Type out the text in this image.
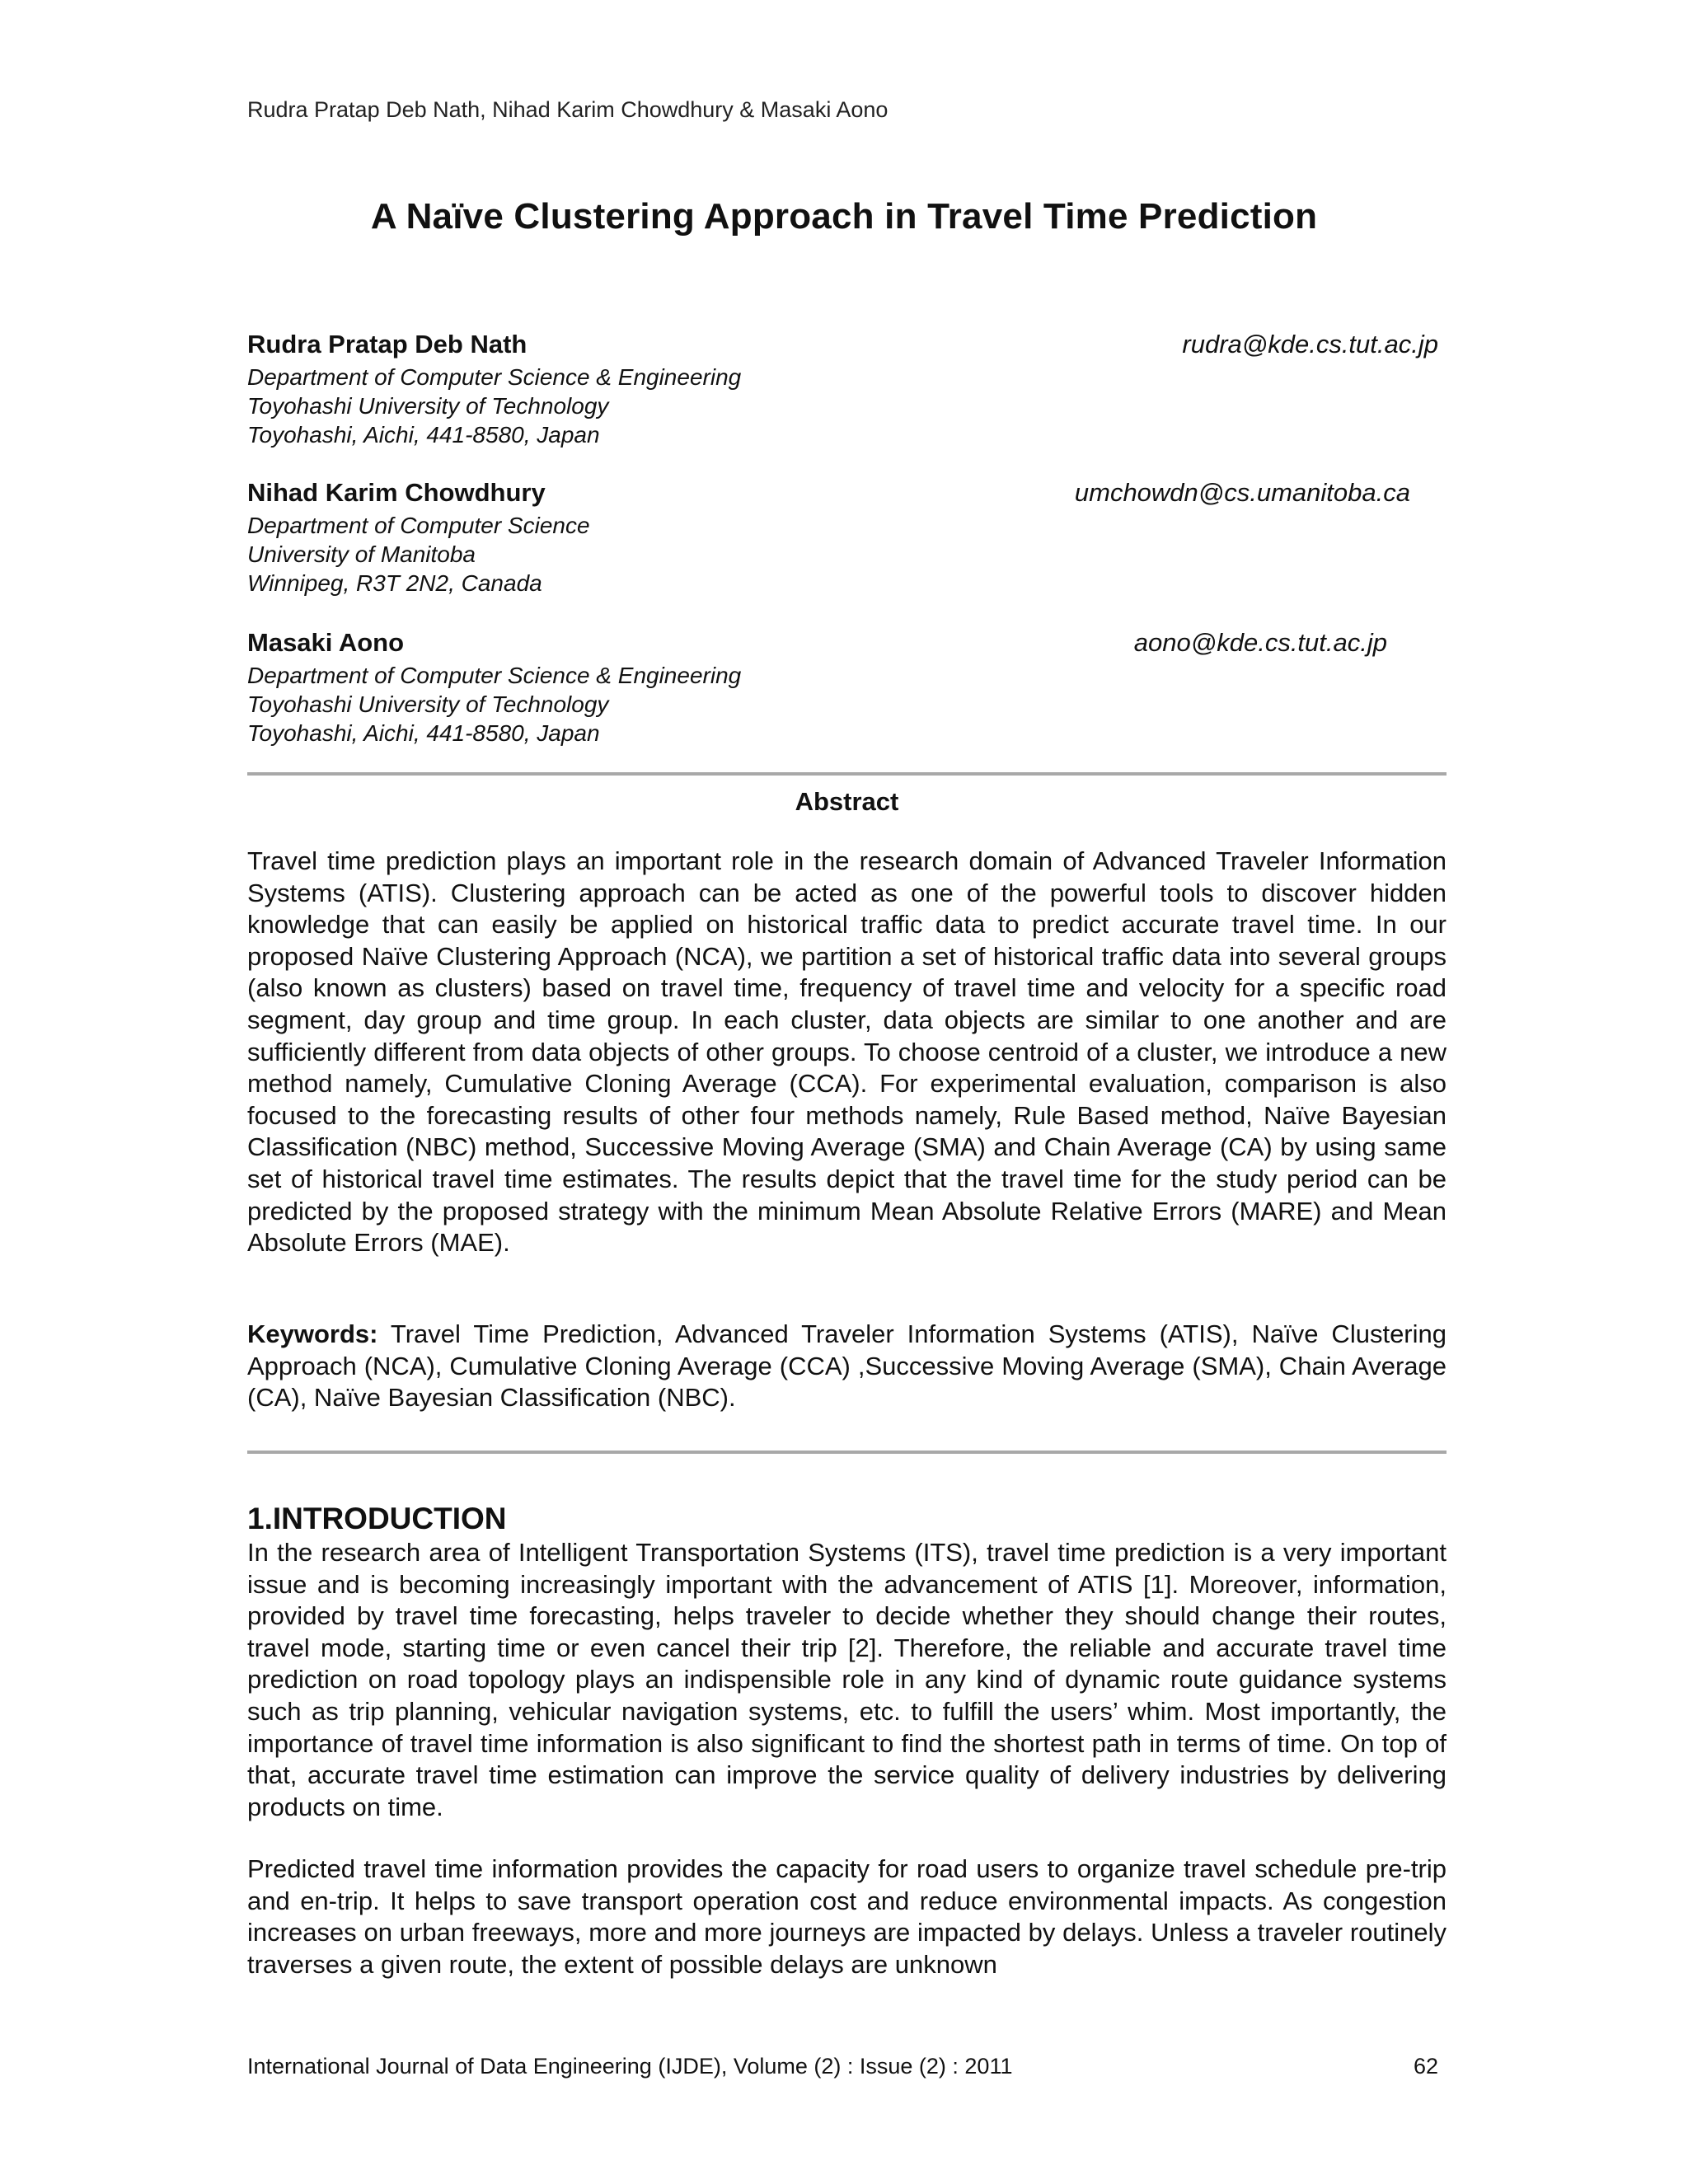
Rudra Pratap Deb Nath, Nihad Karim Chowdhury & Masaki Aono
A Naïve Clustering Approach in Travel Time Prediction
Rudra Pratap Deb Nath	rudra@kde.cs.tut.ac.jp
Department of Computer Science & Engineering
Toyohashi University of Technology
Toyohashi, Aichi, 441-8580, Japan
Nihad Karim Chowdhury	umchowdn@cs.umanitoba.ca
Department of Computer Science
University of Manitoba
Winnipeg, R3T 2N2, Canada
Masaki Aono	aono@kde.cs.tut.ac.jp
Department of Computer Science & Engineering
Toyohashi University of Technology
Toyohashi, Aichi, 441-8580, Japan
Abstract

Travel time prediction plays an important role in the research domain of Advanced Traveler Information Systems (ATIS). Clustering approach can be acted as one of the powerful tools to discover hidden knowledge that can easily be applied on historical traffic data to predict accurate travel time. In our proposed Naïve Clustering Approach (NCA), we partition a set of historical traffic data into several groups (also known as clusters) based on travel time, frequency of travel time and velocity for a specific road segment, day group and time group. In each cluster, data objects are similar to one another and are sufficiently different from data objects of other groups. To choose centroid of a cluster, we introduce a new method namely, Cumulative Cloning Average (CCA). For experimental evaluation, comparison is also focused to the forecasting results of other four methods namely, Rule Based method, Naïve Bayesian Classification (NBC) method, Successive Moving Average (SMA) and Chain Average (CA) by using same set of historical travel time estimates. The results depict that the travel time for the study period can be predicted by the proposed strategy with the minimum Mean Absolute Relative Errors (MARE) and Mean Absolute Errors (MAE).

Keywords: Travel Time Prediction, Advanced Traveler Information Systems (ATIS), Naïve Clustering Approach (NCA), Cumulative Cloning Average (CCA) ,Successive Moving Average (SMA), Chain Average (CA), Naïve Bayesian Classification (NBC).

1.INTRODUCTION

In the research area of Intelligent Transportation Systems (ITS), travel time prediction is a very important issue and is becoming increasingly important with the advancement of ATIS [1]. Moreover, information, provided by travel time forecasting, helps traveler to decide whether they should change their routes, travel mode, starting time or even cancel their trip [2]. Therefore, the reliable and accurate travel time prediction on road topology plays an indispensible role in any kind of dynamic route guidance systems such as trip planning, vehicular navigation systems, etc. to fulfill the users’ whim. Most importantly, the importance of travel time information is also significant to find the shortest path in terms of time. On top of that, accurate travel time estimation can improve the service quality of delivery industries by delivering products on time.

Predicted travel time information provides the capacity for road users to organize travel schedule pre-trip and en-trip. It helps to save transport operation cost and reduce environmental impacts. As congestion increases on urban freeways, more and more journeys are impacted by delays. Unless a traveler routinely traverses a given route, the extent of possible delays are unknown

International Journal of Data Engineering (IJDE), Volume (2) : Issue (2) : 2011	62
